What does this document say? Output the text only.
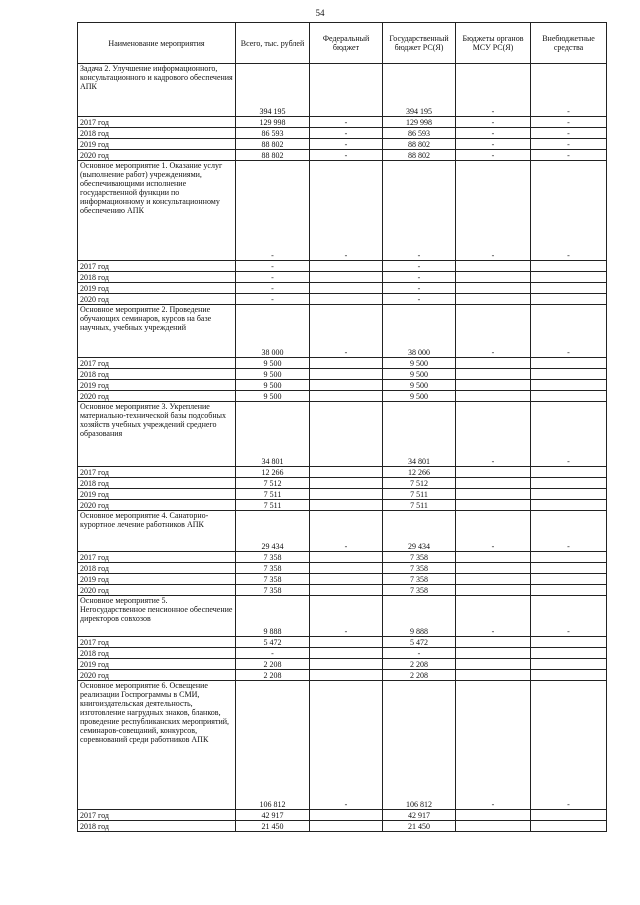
54
Наименование мероприятия	Всего, тыс. рублей	Федеральный бюджет	Государственный бюджет РС(Я)	Бюджеты органов МСУ РС(Я)	Внебюджетные средства
Задача 2. Улучшение информационного, консультационного и кадрового обеспечения АПК	394 195		394 195	-	-
2017 год	129 998	-	129 998	-	-
2018 год	86 593	-	86 593	-	-
2019 год	88 802	-	88 802	-	-
2020 год	88 802	-	88 802	-	-
Основное мероприятие 1. Оказание услуг (выполнение работ) учреждениями, обеспечивающими исполнение государственной функции по информационному и консультационному обеспечению АПК	-	-	-	-	-
2017 год	-		-		
2018 год	-		-		
2019 год	-		-		
2020 год	-		-		
Основное мероприятие 2. Проведение обучающих семинаров, курсов на базе научных, учебных учреждений	38 000	-	38 000	-	-
2017 год	9 500		9 500		
2018 год	9 500		9 500		
2019 год	9 500		9 500		
2020 год	9 500		9 500		
Основное мероприятие 3. Укрепление материально-технической базы подсобных хозяйств учебных учреждений среднего образования	34 801		34 801	-	-
2017 год	12 266		12 266		
2018 год	7 512		7 512		
2019 год	7 511		7 511		
2020 год	7 511		7 511		
Основное мероприятие 4. Санаторно-курортное лечение работников АПК	29 434	-	29 434	-	-
2017 год	7 358		7 358		
2018 год	7 358		7 358		
2019 год	7 358		7 358		
2020 год	7 358		7 358		
Основное мероприятие 5. Негосударственное пенсионное обеспечение директоров совхозов	9 888	-	9 888	-	-
2017 год	5 472		5 472		
2018 год	-		-		
2019 год	2 208		2 208		
2020 год	2 208		2 208		
Основное мероприятие 6. Освещение реализации Госпрограммы в СМИ, книгоиздательская деятельность, изготовление нагрудных знаков, бланков, проведение республиканских мероприятий, семинаров-совещаний, конкурсов, соревнований среди работников АПК	106 812	-	106 812	-	-
2017 год	42 917		42 917		
2018 год	21 450		21 450		
